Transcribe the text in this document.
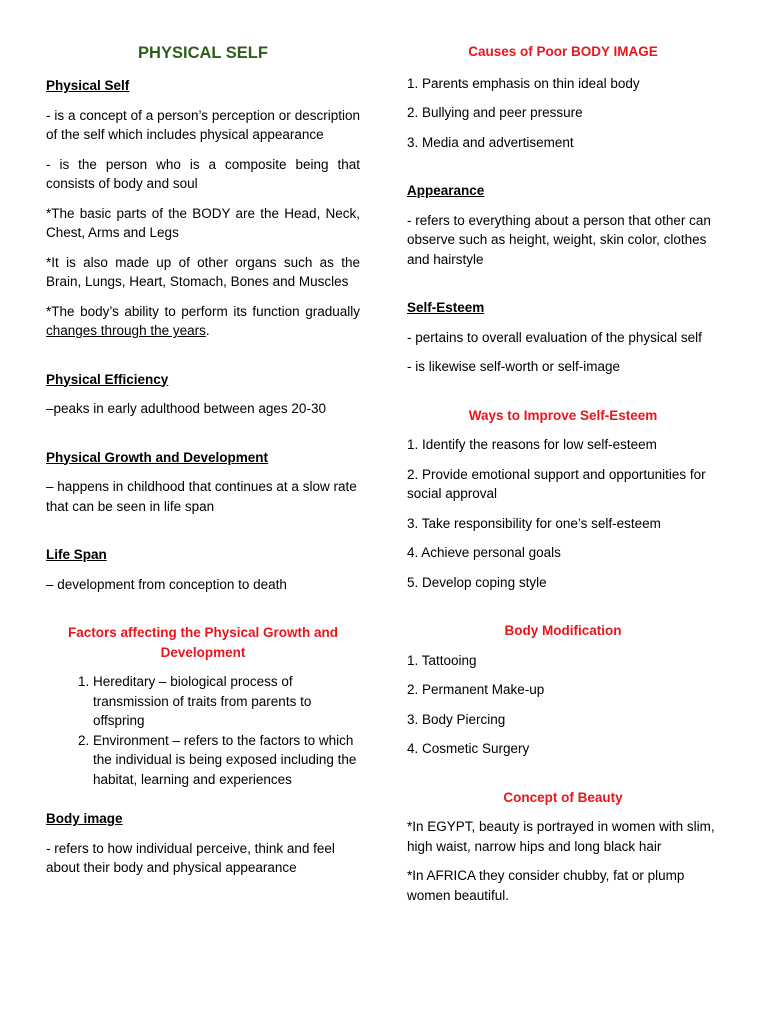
PHYSICAL SELF
Physical Self

- is a concept of a person’s perception or description of the self which includes physical appearance

- is the person who is a composite being that consists of body and soul

*The basic parts of the BODY are the Head, Neck, Chest, Arms and Legs

*It is also made up of other organs such as the Brain, Lungs, Heart, Stomach, Bones and Muscles

*The body’s ability to perform its function gradually changes through the years.

Physical Efficiency

–peaks in early adulthood between ages 20-30

Physical Growth and Development

– happens in childhood that continues at a slow rate that can be seen in life span

Life Span

– development from conception to death

Factors affecting the Physical Growth and Development
1. Hereditary – biological process of transmission of traits from parents to offspring
2. Environment – refers to the factors to which the individual is being exposed including the habitat, learning and experiences
Body image

- refers to how individual perceive, think and feel about their body and physical appearance

Causes of Poor BODY IMAGE

1. Parents emphasis on thin ideal body

2. Bullying and peer pressure

3. Media and advertisement

Appearance

- refers to everything about a person that other can observe such as height, weight, skin color, clothes and hairstyle

Self-Esteem

- pertains to overall evaluation of the physical self

- is likewise self-worth or self-image

Ways to Improve Self-Esteem

1. Identify the reasons for low self-esteem

2. Provide emotional support and opportunities for social approval

3. Take responsibility for one’s self-esteem

4. Achieve personal goals

5. Develop coping style

Body Modification

1. Tattooing

2. Permanent Make-up

3. Body Piercing

4. Cosmetic Surgery

Concept of Beauty

*In EGYPT, beauty is portrayed in women with slim, high waist, narrow hips and long black hair

*In AFRICA they consider chubby, fat or plump women beautiful.
